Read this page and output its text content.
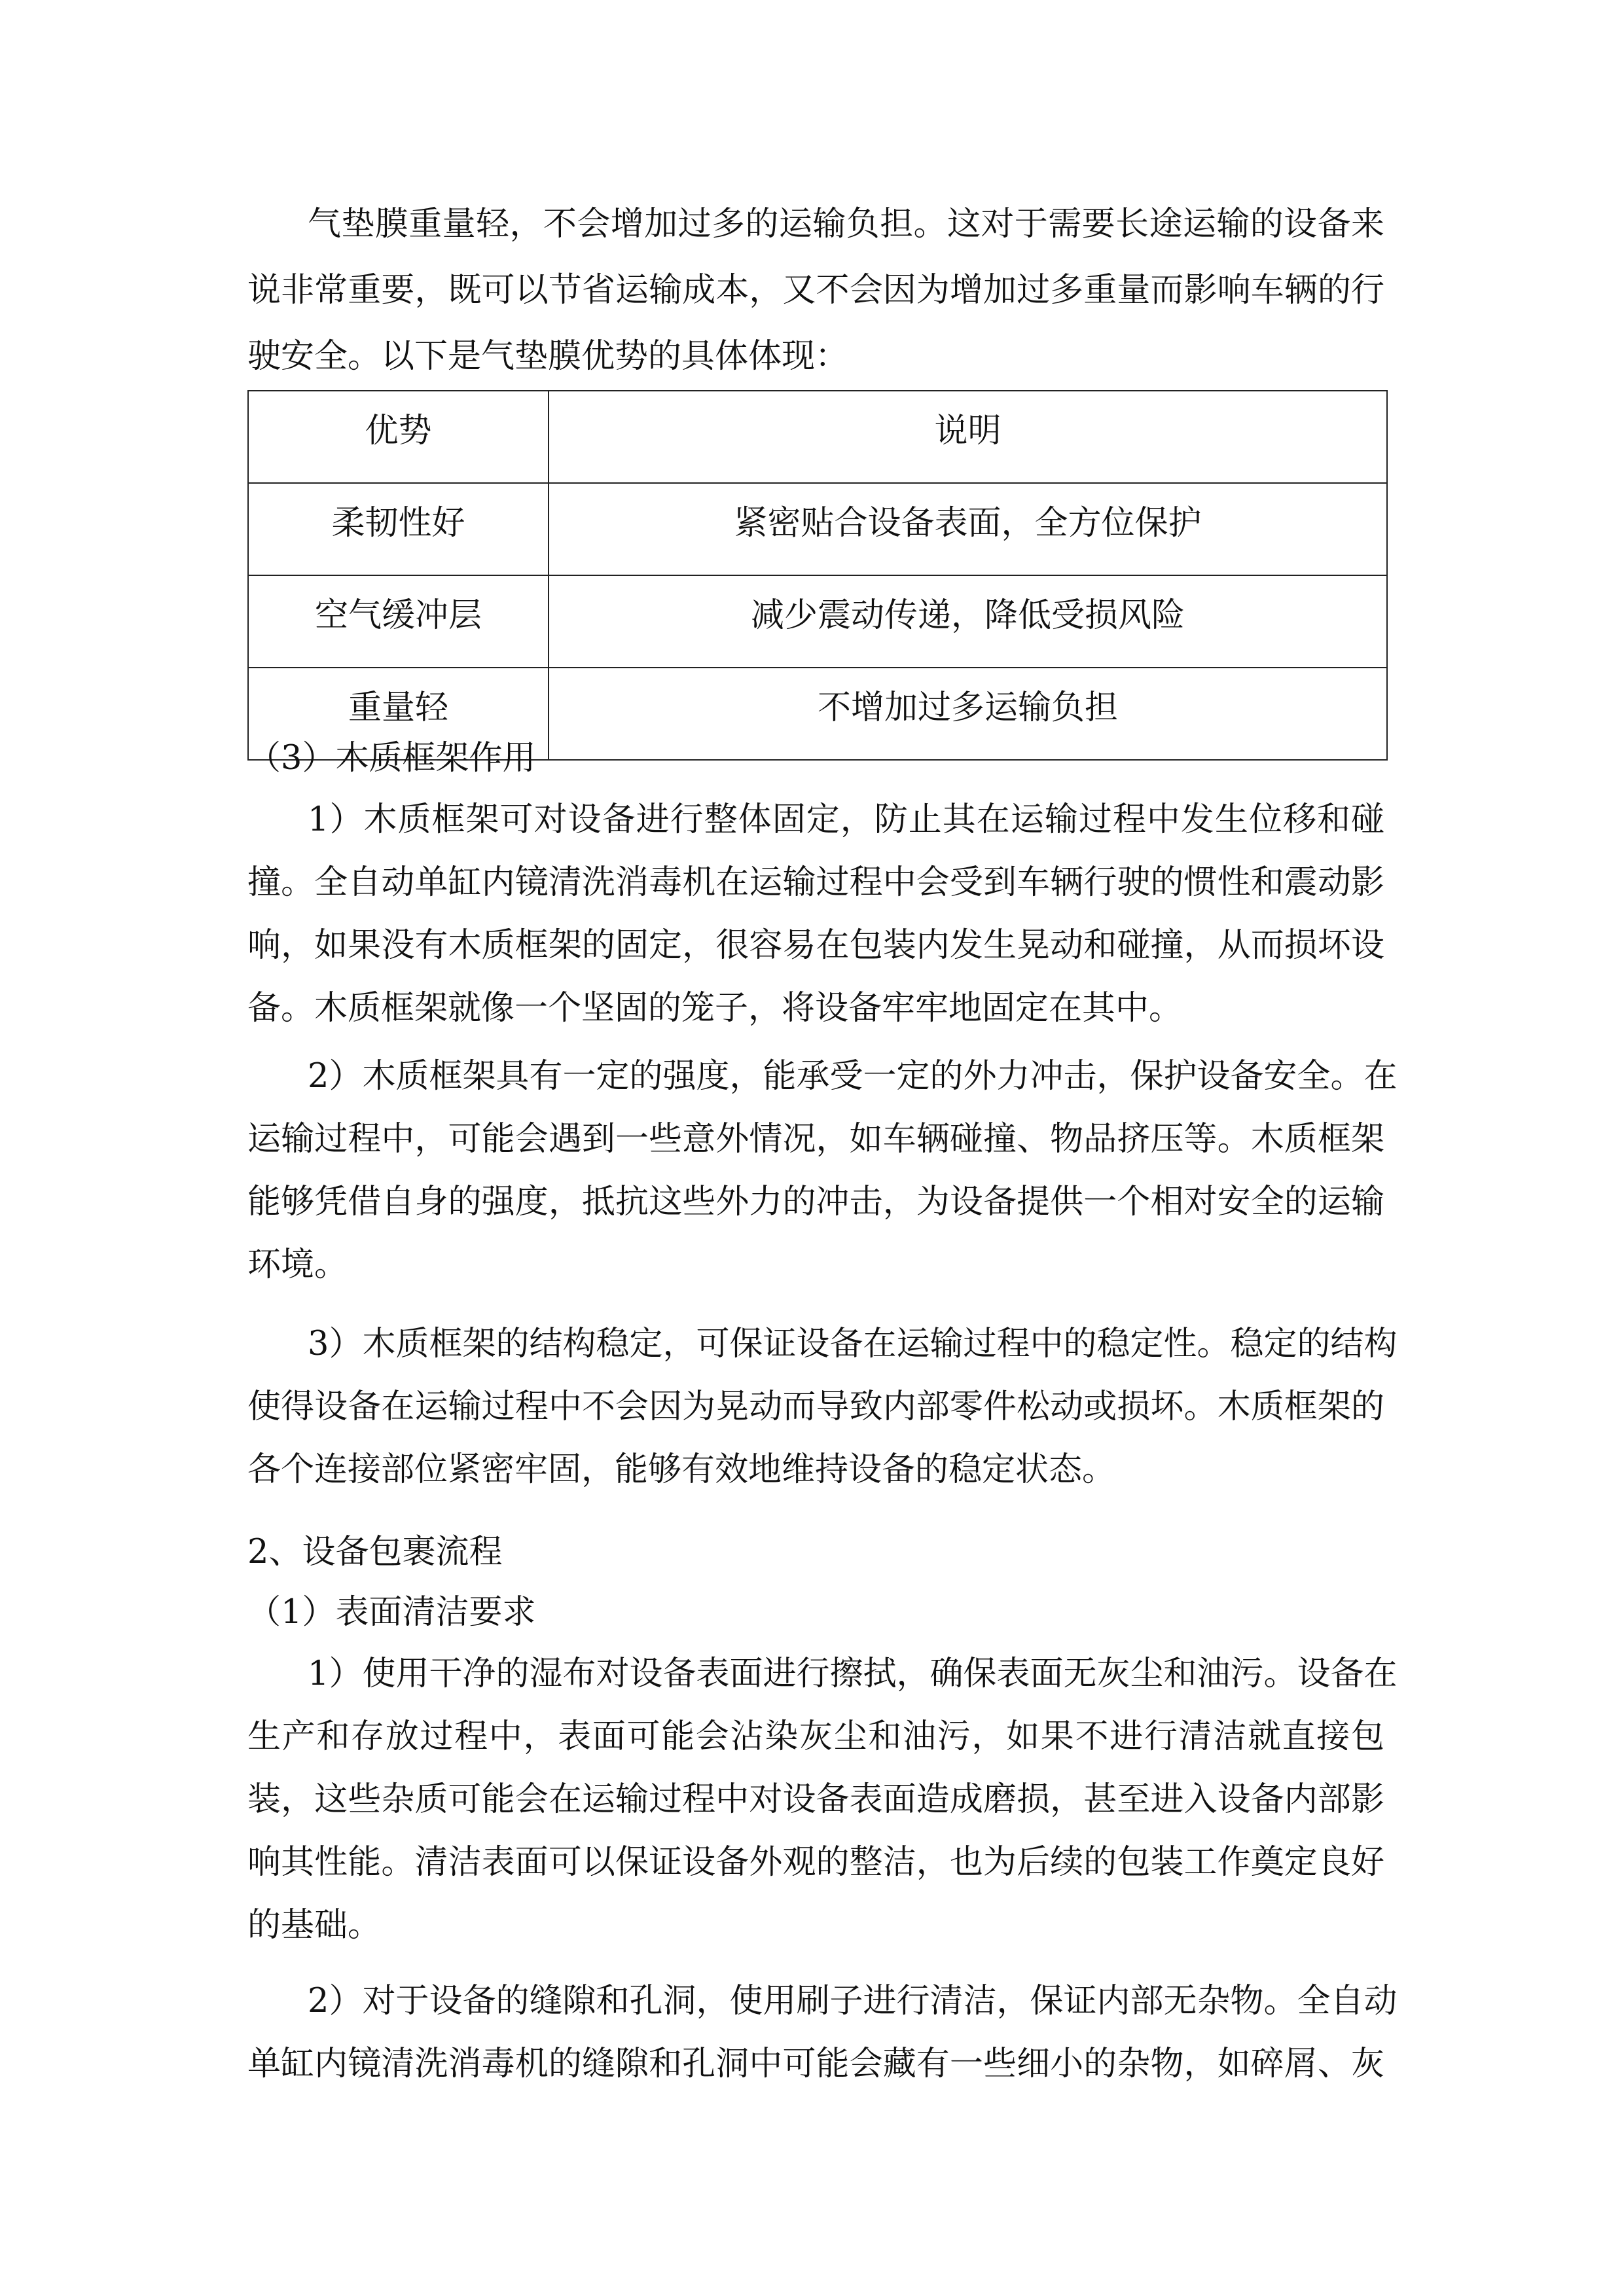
气垫膜重量轻，不会增加过多的运输负担。这对于需要长途运输的设备来
说非常重要，既可以节省运输成本，又不会因为增加过多重量而影响车辆的行
驶安全。以下是气垫膜优势的具体体现：
优势	说明
柔韧性好	紧密贴合设备表面，全方位保护
空气缓冲层	减少震动传递，降低受损风险
重量轻	不增加过多运输负担
（3）木质框架作用
1）木质框架可对设备进行整体固定，防止其在运输过程中发生位移和碰
撞。全自动单缸内镜清洗消毒机在运输过程中会受到车辆行驶的惯性和震动影
响，如果没有木质框架的固定，很容易在包装内发生晃动和碰撞，从而损坏设
备。木质框架就像一个坚固的笼子，将设备牢牢地固定在其中。
2）木质框架具有一定的强度，能承受一定的外力冲击，保护设备安全。在
运输过程中，可能会遇到一些意外情况，如车辆碰撞、物品挤压等。木质框架
能够凭借自身的强度，抵抗这些外力的冲击，为设备提供一个相对安全的运输
环境。
3）木质框架的结构稳定，可保证设备在运输过程中的稳定性。稳定的结构
使得设备在运输过程中不会因为晃动而导致内部零件松动或损坏。木质框架的
各个连接部位紧密牢固，能够有效地维持设备的稳定状态。
2、设备包裹流程
（1）表面清洁要求
1）使用干净的湿布对设备表面进行擦拭，确保表面无灰尘和油污。设备在
生产和存放过程中，表面可能会沾染灰尘和油污，如果不进行清洁就直接包
装，这些杂质可能会在运输过程中对设备表面造成磨损，甚至进入设备内部影
响其性能。清洁表面可以保证设备外观的整洁，也为后续的包装工作奠定良好
的基础。
2）对于设备的缝隙和孔洞，使用刷子进行清洁，保证内部无杂物。全自动
单缸内镜清洗消毒机的缝隙和孔洞中可能会藏有一些细小的杂物，如碎屑、灰
